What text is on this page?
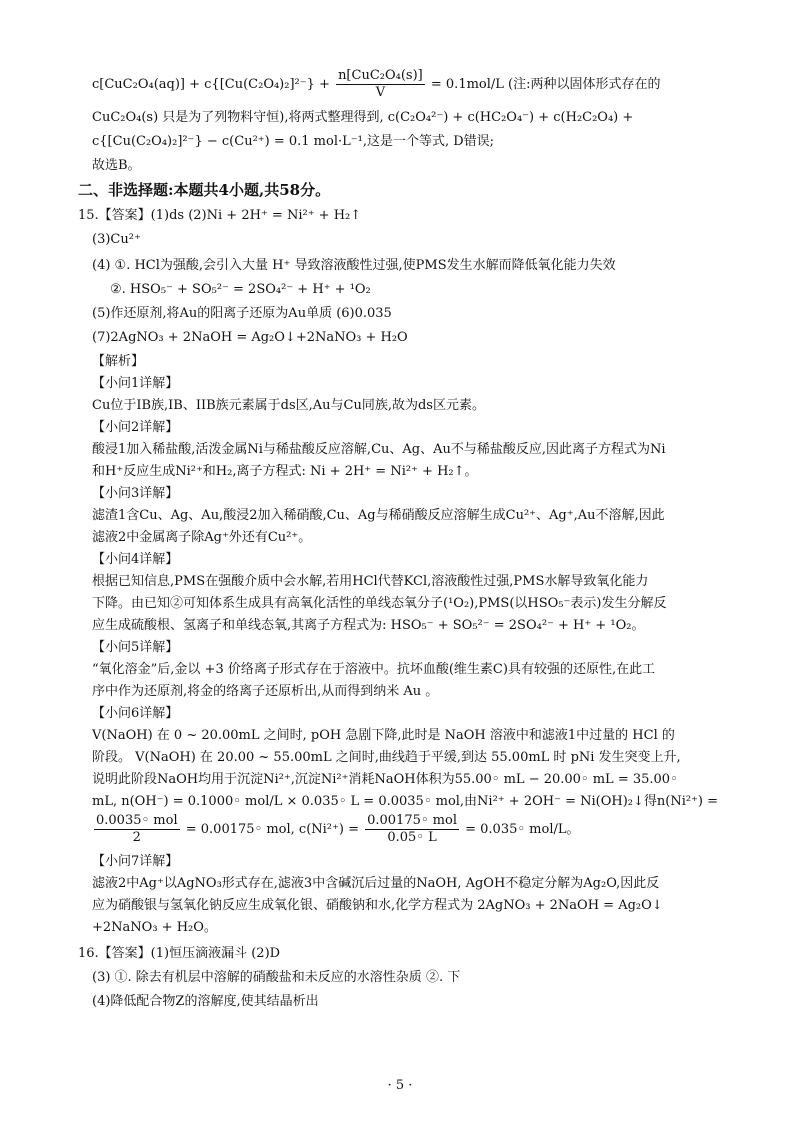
$c[CuC_2O_4(aq)] + c\{[Cu(C_2O_4)_2]^{2-}\} + \frac{\text{n[CuC₂O₄(s)]}}{V} = 0.1mol/L$ (注:两种以固体形式存在的
CuC₂O₄(s) 只是为了列物料守恒),将两式整理得到, c(C₂O₄²⁻) + c(HC₂O₄⁻) + c(H₂C₂O₄) +
c{[Cu(C₂O₄)₂]²⁻} − c(Cu²⁺) = 0.1 mol·L⁻¹,这是一个等式, D错误;
故选B。
二、非选择题:本题共4小题,共58分。
15.【答案】(1)ds (2)Ni + 2H⁺ = Ni²⁺ + H₂↑
(3)Cu²⁺
(4) ①. HCl为强酸,会引入大量 H⁺ 导致溶液酸性过强,使PMS发生水解而降低氧化能力失效
②. HSO₅⁻ + SO₅²⁻ = 2SO₄²⁻ + H⁺ + ¹O₂
(5)作还原剂,将Au的阳离子还原为Au单质 (6)0.035
(7)2AgNO₃ + 2NaOH = Ag₂O↓+2NaNO₃ + H₂O
【解析】
【小问1详解】
Cu位于IB族,IB、IIB族元素属于ds区,Au与Cu同族,故为ds区元素。
【小问2详解】
酸浸1加入稀盐酸,活泼金属Ni与稀盐酸反应溶解,Cu、Ag、Au不与稀盐酸反应,因此离子方程式为Ni
和H⁺反应生成Ni²⁺和H₂,离子方程式: Ni + 2H⁺ = Ni²⁺ + H₂↑。
【小问3详解】
滤渣1含Cu、Ag、Au,酸浸2加入稀硝酸,Cu、Ag与稀硝酸反应溶解生成Cu²⁺、Ag⁺,Au不溶解,因此
滤液2中金属离子除Ag⁺外还有Cu²⁺。
【小问4详解】
根据已知信息,PMS在强酸介质中会水解,若用HCl代替KCl,溶液酸性过强,PMS水解导致氧化能力
下降。由已知②可知体系生成具有高氧化活性的单线态氧分子(¹O₂),PMS(以HSO₅⁻表示)发生分解反
应生成硫酸根、氢离子和单线态氧,其离子方程式为: HSO₅⁻ + SO₅²⁻ = 2SO₄²⁻ + H⁺ + ¹O₂。
【小问5详解】
“氧化溶金”后,金以 +3 价络离子形式存在于溶液中。抗坏血酸(维生素C)具有较强的还原性,在此工
序中作为还原剂,将金的络离子还原析出,从而得到纳米 Au 。
【小问6详解】
V(NaOH) 在 0 ~ 20.00mL 之间时, pOH 急剧下降,此时是 NaOH 溶液中和滤液1中过量的 HCl 的
阶段。 V(NaOH) 在 20.00 ~ 55.00mL 之间时,曲线趋于平缓,到达 55.00mL 时 pNi 发生突变上升,
说明此阶段NaOH均用于沉淀Ni²⁺,沉淀Ni²⁺消耗NaOH体积为55.00◦ mL − 20.00◦ mL = 35.00◦
mL, n(OH⁻) = 0.1000◦ mol/L × 0.035◦ L = 0.0035◦ mol,由Ni²⁺ + 2OH⁻ = Ni(OH)₂↓得n(Ni²⁺) =
$\frac{\text{0.0035◦ mol}}{2}$ = 0.00175◦ mol, $c(Ni^{2+}) = \frac{\text{0.00175◦ mol}}{0.05◦ L}$ = 0.035◦ mol/L。
【小问7详解】
滤液2中Ag⁺以AgNO₃形式存在,滤液3中含碱沉后过量的NaOH, AgOH不稳定分解为Ag₂O,因此反
应为硝酸银与氢氧化钠反应生成氧化银、硝酸钠和水,化学方程式为 2AgNO₃ + 2NaOH = Ag₂O↓
+2NaNO₃ + H₂O。
16.【答案】(1)恒压滴液漏斗 (2)D
(3) ①. 除去有机层中溶解的硝酸盐和未反应的水溶性杂质 ②. 下
(4)降低配合物Z的溶解度,使其结晶析出
· 5 ·
